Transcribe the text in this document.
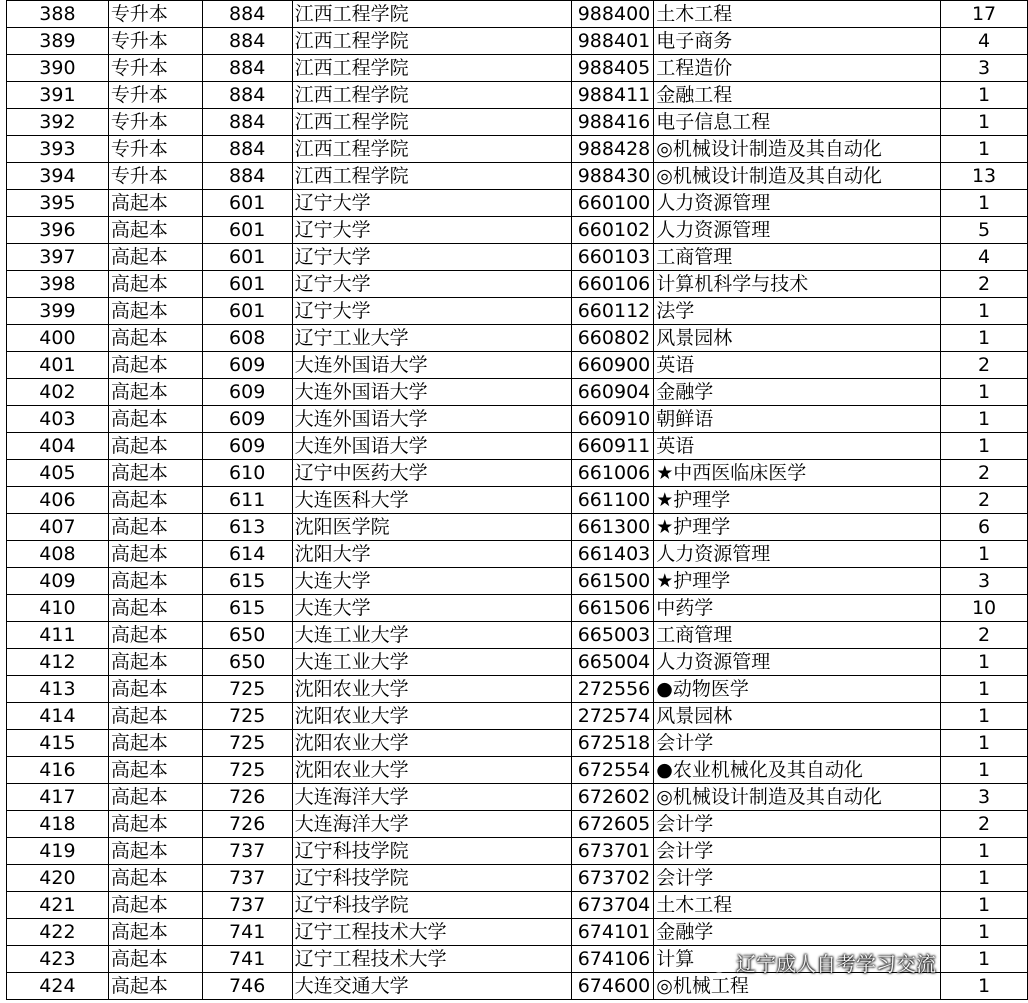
388	专升本	884	江西工程学院	988400	土木工程	17
389	专升本	884	江西工程学院	988401	电子商务	4
390	专升本	884	江西工程学院	988405	工程造价	3
391	专升本	884	江西工程学院	988411	金融工程	1
392	专升本	884	江西工程学院	988416	电子信息工程	1
393	专升本	884	江西工程学院	988428	◎机械设计制造及其自动化	1
394	专升本	884	江西工程学院	988430	◎机械设计制造及其自动化	13
395	高起本	601	辽宁大学	660100	人力资源管理	1
396	高起本	601	辽宁大学	660102	人力资源管理	5
397	高起本	601	辽宁大学	660103	工商管理	4
398	高起本	601	辽宁大学	660106	计算机科学与技术	2
399	高起本	601	辽宁大学	660112	法学	1
400	高起本	608	辽宁工业大学	660802	风景园林	1
401	高起本	609	大连外国语大学	660900	英语	2
402	高起本	609	大连外国语大学	660904	金融学	1
403	高起本	609	大连外国语大学	660910	朝鲜语	1
404	高起本	609	大连外国语大学	660911	英语	1
405	高起本	610	辽宁中医药大学	661006	★中西医临床医学	2
406	高起本	611	大连医科大学	661100	★护理学	2
407	高起本	613	沈阳医学院	661300	★护理学	6
408	高起本	614	沈阳大学	661403	人力资源管理	1
409	高起本	615	大连大学	661500	★护理学	3
410	高起本	615	大连大学	661506	中药学	10
411	高起本	650	大连工业大学	665003	工商管理	2
412	高起本	650	大连工业大学	665004	人力资源管理	1
413	高起本	725	沈阳农业大学	272556	●动物医学	1
414	高起本	725	沈阳农业大学	272574	风景园林	1
415	高起本	725	沈阳农业大学	672518	会计学	1
416	高起本	725	沈阳农业大学	672554	●农业机械化及其自动化	1
417	高起本	726	大连海洋大学	672602	◎机械设计制造及其自动化	3
418	高起本	726	大连海洋大学	672605	会计学	2
419	高起本	737	辽宁科技学院	673701	会计学	1
420	高起本	737	辽宁科技学院	673702	会计学	1
421	高起本	737	辽宁科技学院	673704	土木工程	1
422	高起本	741	辽宁工程技术大学	674101	金融学	1
423	高起本	741	辽宁工程技术大学	674106	计算	1
424	高起本	746	大连交通大学	674600	◎机械工程	1
辽宁成人自考学习交流
